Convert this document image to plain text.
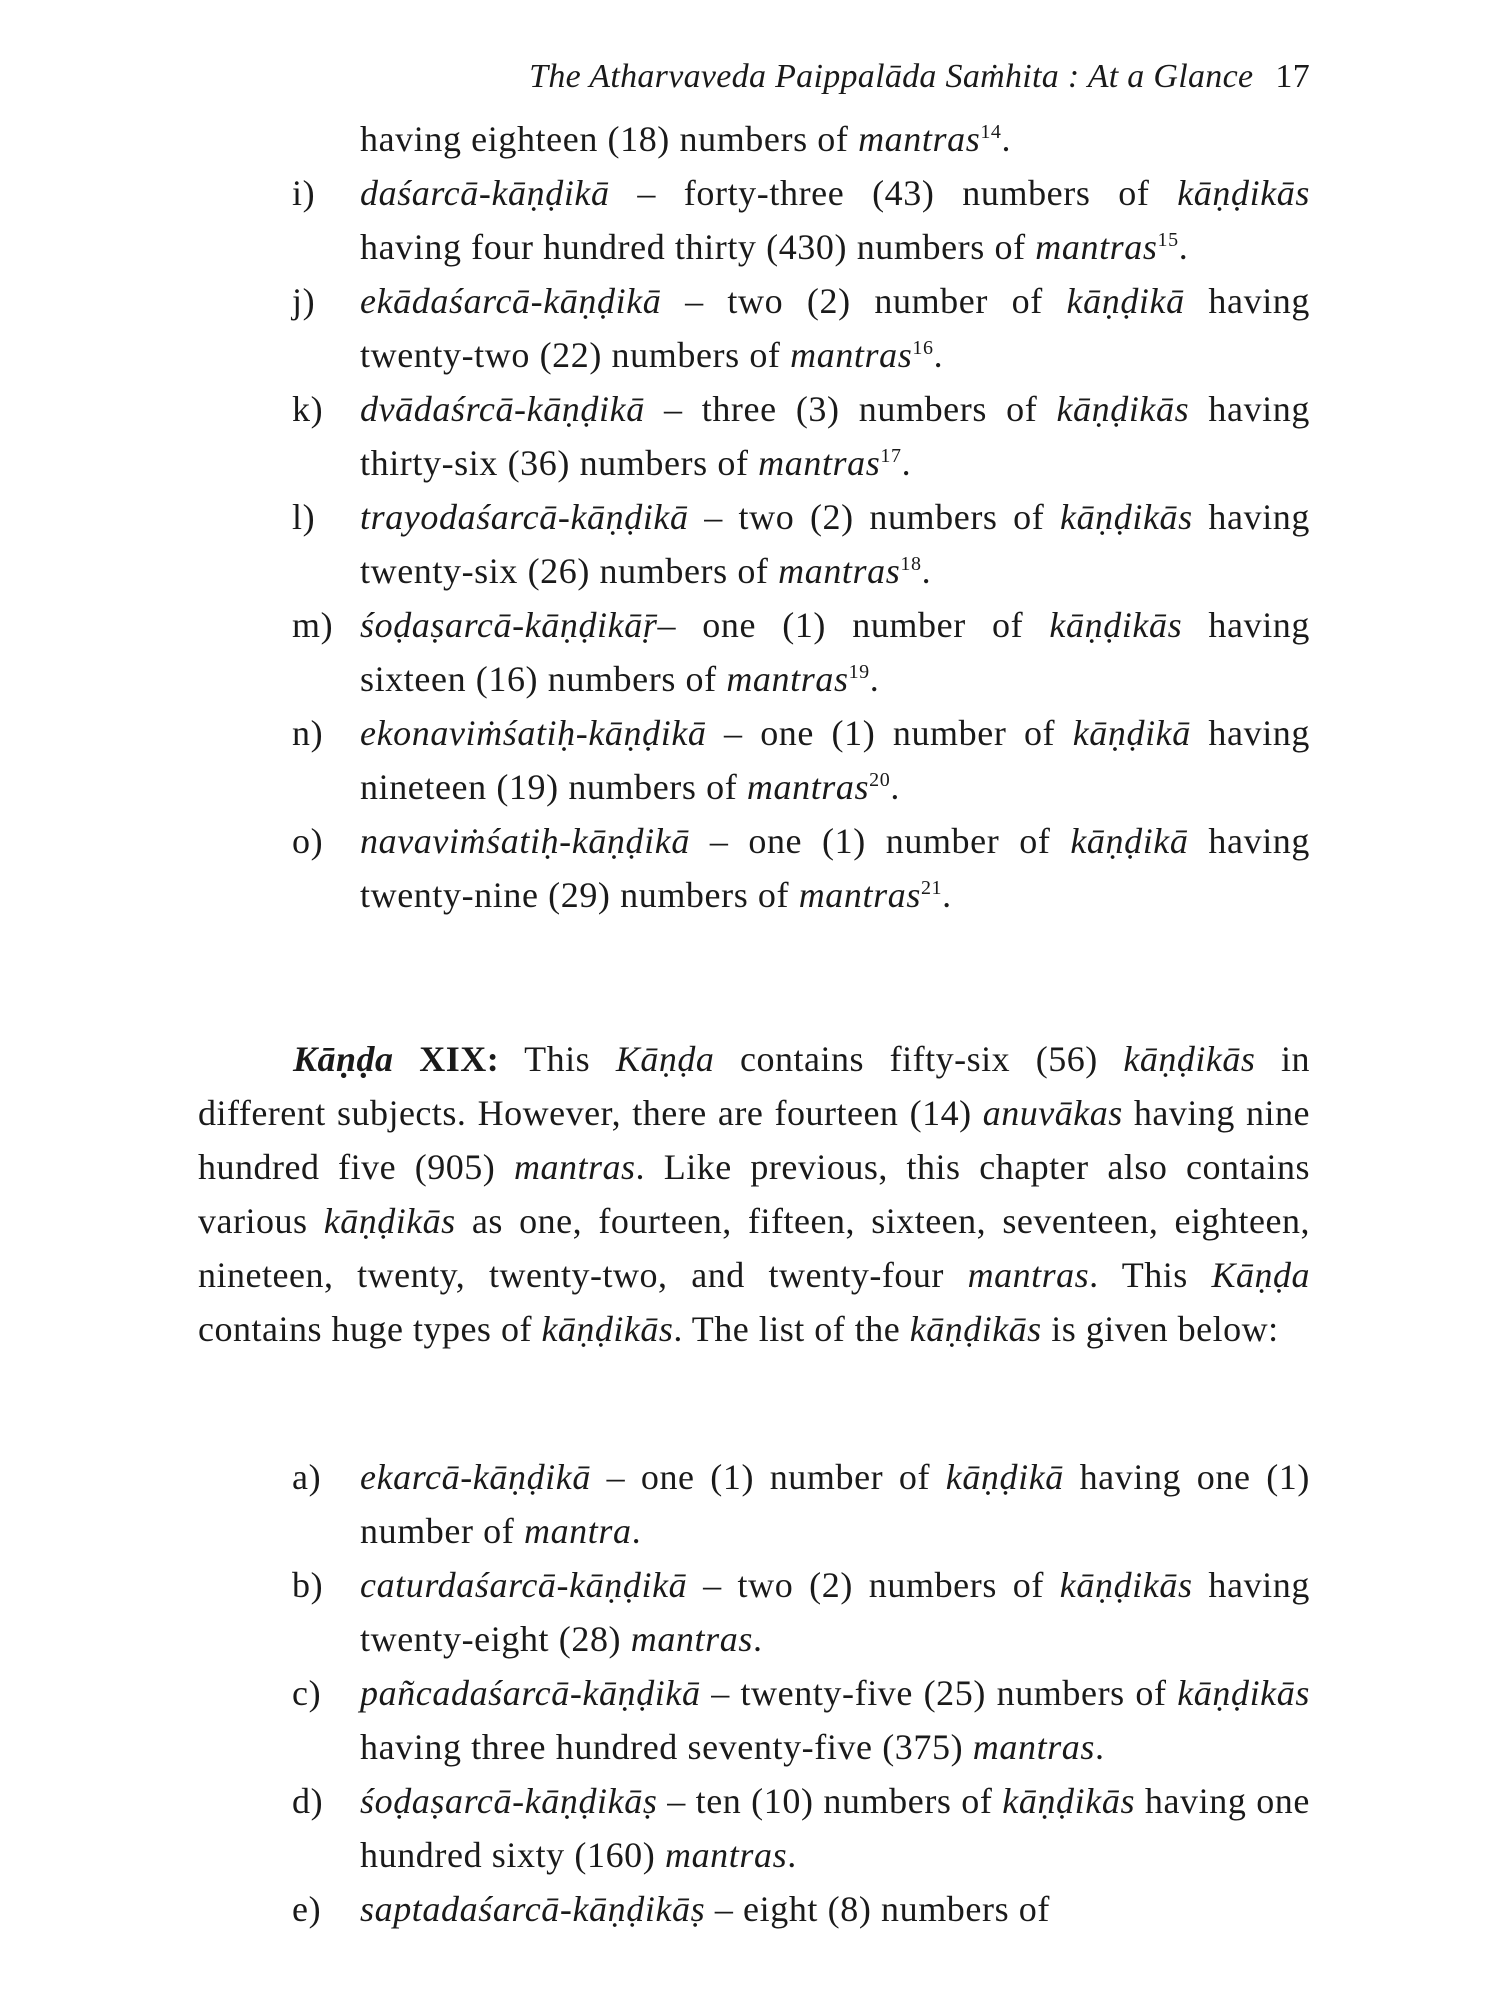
The Atharvaveda Paippalāda Saṁhita : At a Glance 17
having eighteen (18) numbers of mantras$^{14}$.
i) daśarcā-kāṇḍikā – forty-three (43) numbers of kāṇḍikās having four hundred thirty (430) numbers of mantras$^{15}$.
j) ekādaśarcā-kāṇḍikā – two (2) number of kāṇḍikā having twenty-two (22) numbers of mantras$^{16}$.
k) dvādaśrcā-kāṇḍikā – three (3) numbers of kāṇḍikās having thirty-six (36) numbers of mantras$^{17}$.
l) trayodaśarcā-kāṇḍikā – two (2) numbers of kāṇḍikās having twenty-six (26) numbers of mantras$^{18}$.
m) śoḍaṣarcā-kāṇḍikāṝ– one (1) number of kāṇḍikās having sixteen (16) numbers of mantras$^{19}$.
n) ekonaviṁśatiḥ-kāṇḍikā – one (1) number of kāṇḍikā having nineteen (19) numbers of mantras$^{20}$.
o) navaviṁśatiḥ-kāṇḍikā – one (1) number of kāṇḍikā having twenty-nine (29) numbers of mantras$^{21}$.
Kāṇḍa XIX: This Kāṇḍa contains fifty-six (56) kāṇḍikās in different subjects. However, there are fourteen (14) anuvākas having nine hundred five (905) mantras. Like previous, this chapter also contains various kāṇḍikās as one, fourteen, fifteen, sixteen, seventeen, eighteen, nineteen, twenty, twenty-two, and twenty-four mantras. This Kāṇḍa contains huge types of kāṇḍikās. The list of the kāṇḍikās is given below:
a) ekarcā-kāṇḍikā – one (1) number of kāṇḍikā having one (1) number of mantra.
b) caturdaśarcā-kāṇḍikā – two (2) numbers of kāṇḍikās having twenty-eight (28) mantras.
c) pañcadaśarcā-kāṇḍikā – twenty-five (25) numbers of kāṇḍikās having three hundred seventy-five (375) mantras.
d) śoḍaṣarcā-kāṇḍikāṣ – ten (10) numbers of kāṇḍikās having one hundred sixty (160) mantras.
e) saptadaśarcā-kāṇḍikāṣ – eight (8) numbers of
